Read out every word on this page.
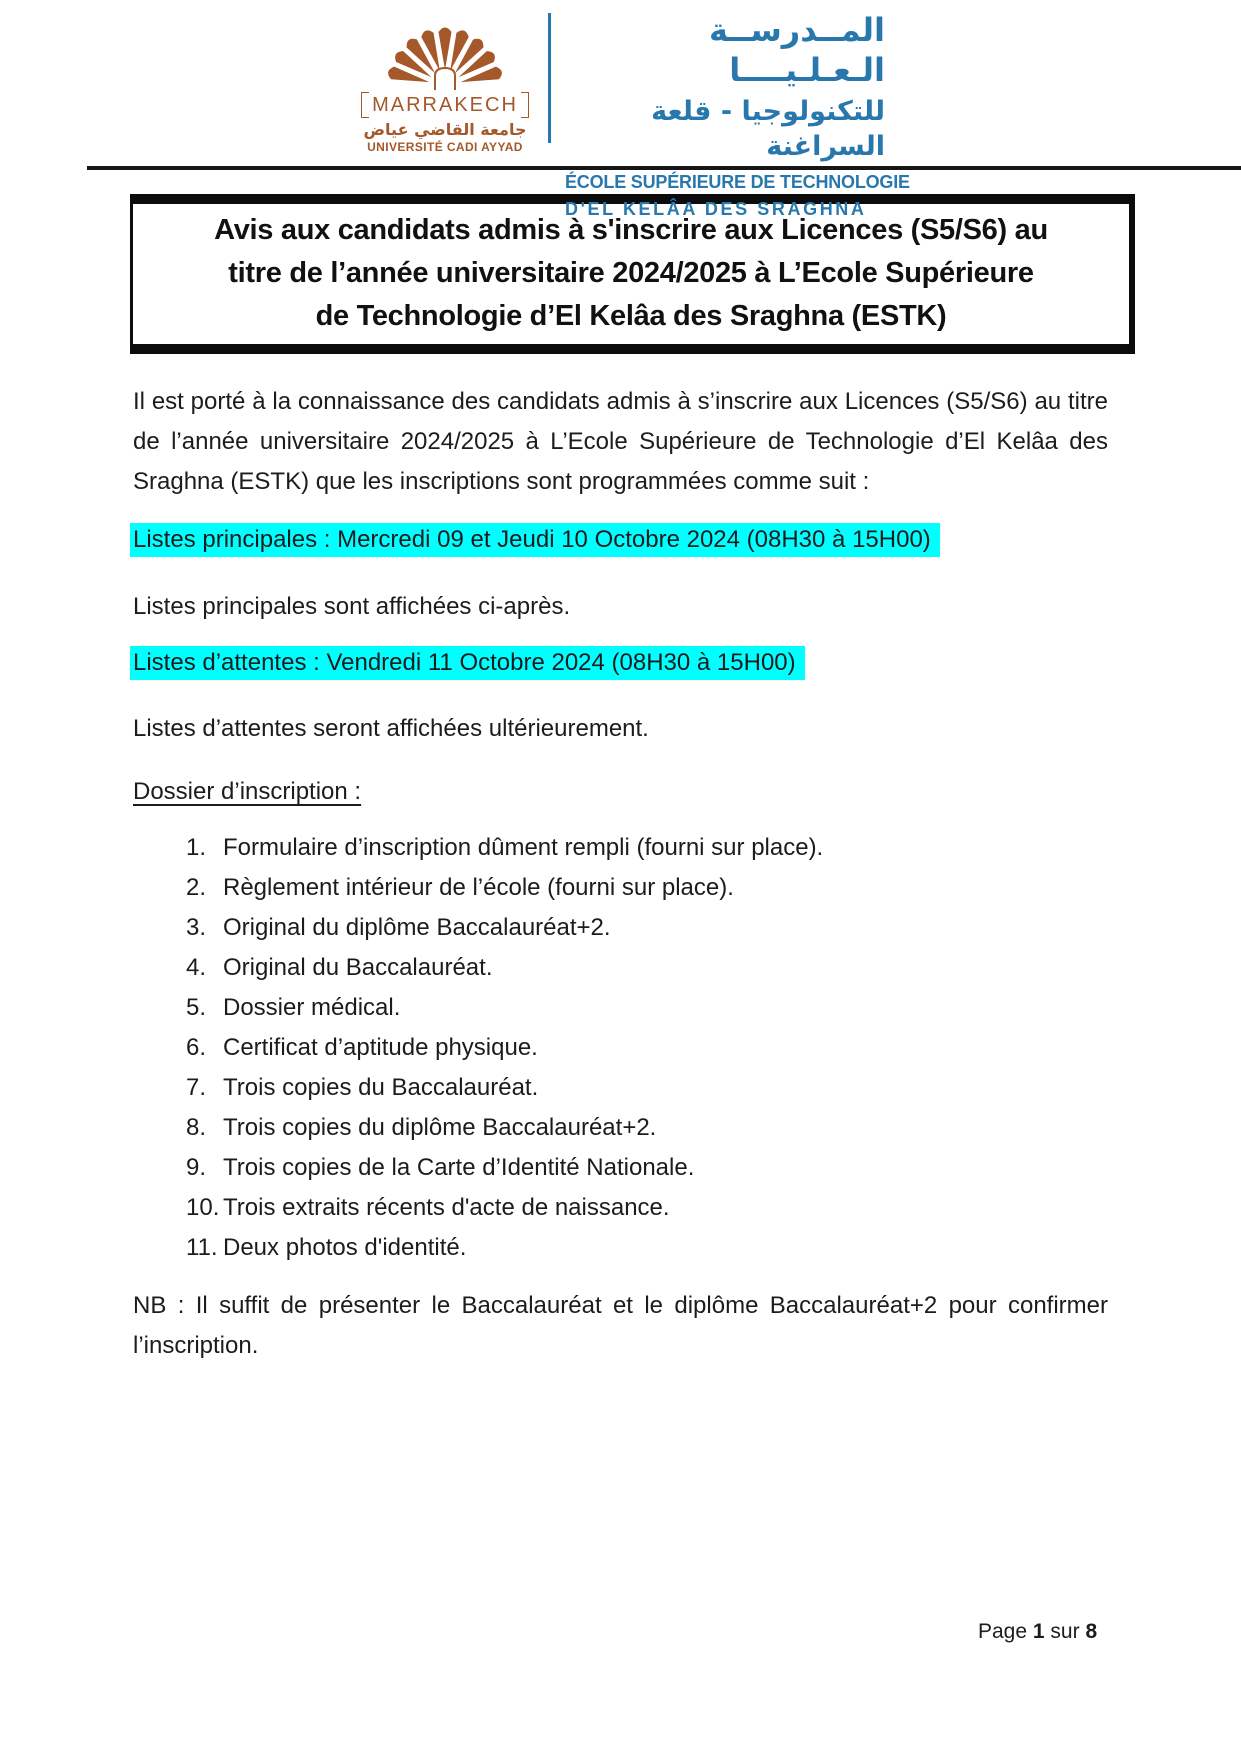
MARRAKECH
جامعة القاضي عياض
UNIVERSITÉ CADI AYYAD
المــدرســة الـعـلـيــــا
للتكنولوجيا - قلعة السراغنة
ÉCOLE SUPÉRIEURE DE TECHNOLOGIE
D'EL KELÂA DES SRAGHNA
Avis aux candidats admis à s'inscrire aux Licences (S5/S6) au
titre de l’année universitaire 2024/2025 à L’Ecole Supérieure
de Technologie d’El Kelâa des Sraghna (ESTK)

Il est porté à la connaissance des candidats admis à s’inscrire aux Licences (S5/S6) au titre de l’année universitaire 2024/2025 à L’Ecole Supérieure de Technologie d’El Kelâa des Sraghna (ESTK) que les inscriptions sont programmées comme suit :

Listes principales : Mercredi 09 et Jeudi 10 Octobre 2024 (08H30 à 15H00)

Listes principales sont affichées ci-après.

Listes d’attentes : Vendredi 11 Octobre 2024 (08H30 à 15H00)

Listes d’attentes seront affichées ultérieurement.

Dossier d’inscription :

1. Formulaire d’inscription dûment rempli (fourni sur place).
2. Règlement intérieur de l’école (fourni sur place).
3. Original du diplôme Baccalauréat+2.
4. Original du Baccalauréat.
5. Dossier médical.
6. Certificat d’aptitude physique.
7. Trois copies du Baccalauréat.
8. Trois copies du diplôme Baccalauréat+2.
9. Trois copies de la Carte d’Identité Nationale.
10. Trois extraits récents d'acte de naissance.
11. Deux photos d'identité.

NB : Il suffit de présenter le Baccalauréat et le diplôme Baccalauréat+2 pour confirmer l’inscription.

Page 1 sur 8
